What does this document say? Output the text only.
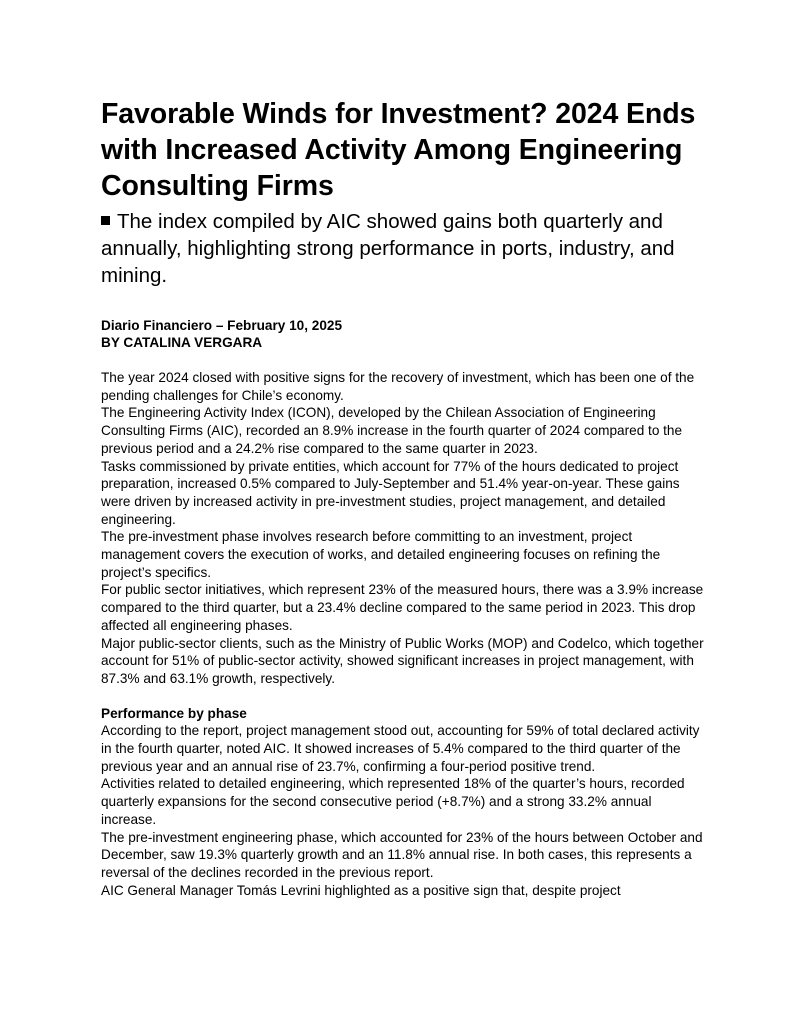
Favorable Winds for Investment? 2024 Ends with Increased Activity Among Engineering Consulting Firms
The index compiled by AIC showed gains both quarterly and annually, highlighting strong performance in ports, industry, and mining.
Diario Financiero – February 10, 2025
BY CATALINA VERGARA

The year 2024 closed with positive signs for the recovery of investment, which has been one of the pending challenges for Chile’s economy.

The Engineering Activity Index (ICON), developed by the Chilean Association of Engineering Consulting Firms (AIC), recorded an 8.9% increase in the fourth quarter of 2024 compared to the previous period and a 24.2% rise compared to the same quarter in 2023.

Tasks commissioned by private entities, which account for 77% of the hours dedicated to project preparation, increased 0.5% compared to July-September and 51.4% year-on-year. These gains were driven by increased activity in pre-investment studies, project management, and detailed engineering.

The pre-investment phase involves research before committing to an investment, project management covers the execution of works, and detailed engineering focuses on refining the project’s specifics.

For public sector initiatives, which represent 23% of the measured hours, there was a 3.9% increase compared to the third quarter, but a 23.4% decline compared to the same period in 2023. This drop affected all engineering phases.

Major public-sector clients, such as the Ministry of Public Works (MOP) and Codelco, which together account for 51% of public-sector activity, showed significant increases in project management, with 87.3% and 63.1% growth, respectively.

Performance by phase

According to the report, project management stood out, accounting for 59% of total declared activity in the fourth quarter, noted AIC. It showed increases of 5.4% compared to the third quarter of the previous year and an annual rise of 23.7%, confirming a four-period positive trend.

Activities related to detailed engineering, which represented 18% of the quarter’s hours, recorded quarterly expansions for the second consecutive period (+8.7%) and a strong 33.2% annual increase.

The pre-investment engineering phase, which accounted for 23% of the hours between October and December, saw 19.3% quarterly growth and an 11.8% annual rise. In both cases, this represents a reversal of the declines recorded in the previous report.

AIC General Manager Tomás Levrini highlighted as a positive sign that, despite project
